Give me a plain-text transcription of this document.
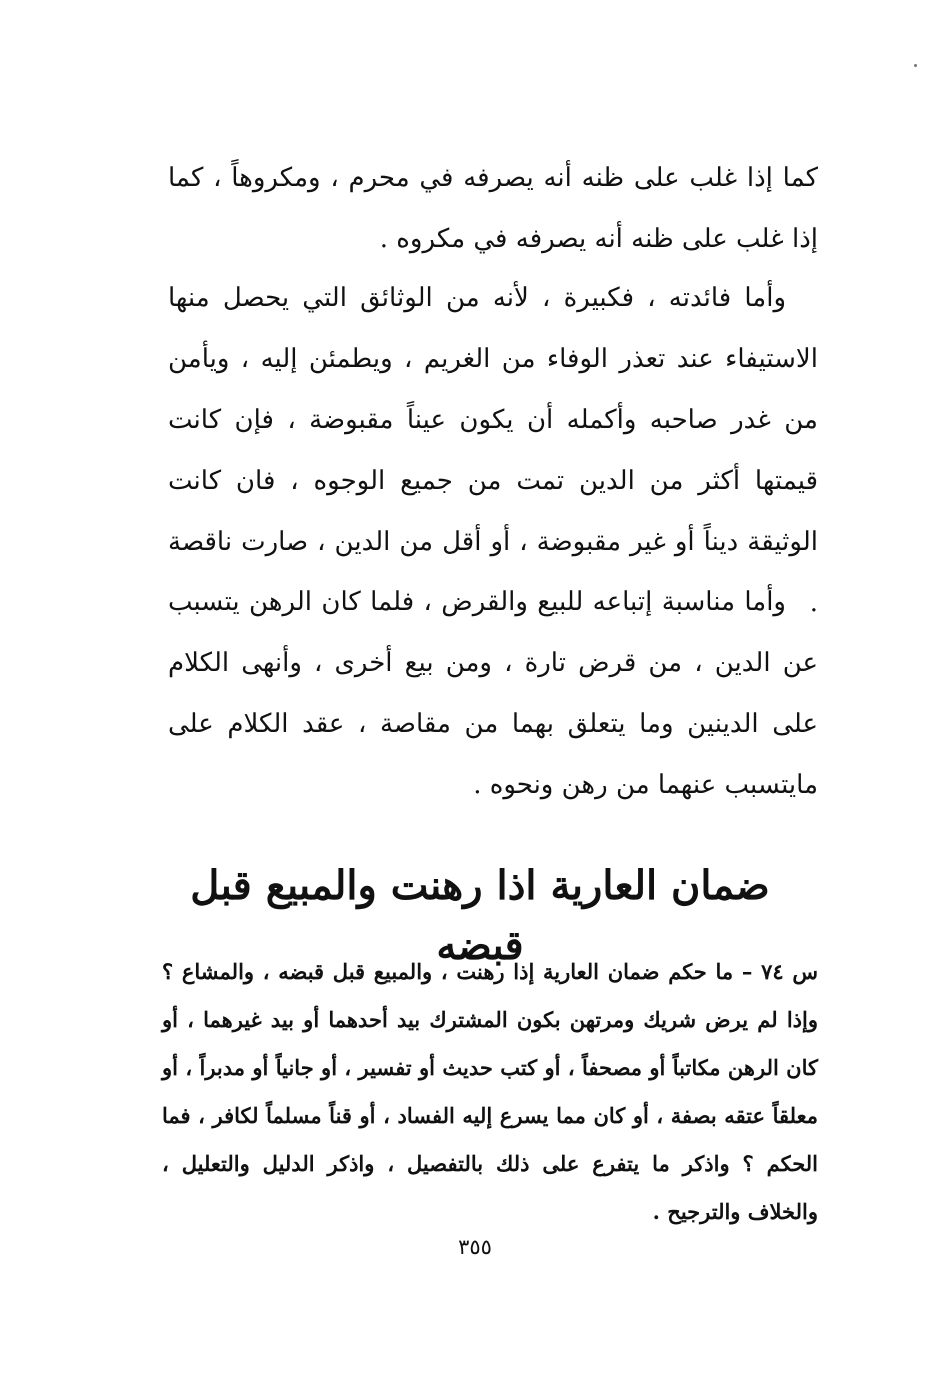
كما إذا غلب على ظنه أنه يصرفه في محرم ، ومكروهاً ، كما إذا غلب على ظنه أنه يصرفه في مكروه .

وأما فائدته ، فكبيرة ، لأنه من الوثائق التي يحصل منها الاستيفاء عند تعذر الوفاء من الغريم ، ويطمئن إليه ، ويأمن من غدر صاحبه وأكمله أن يكون عيناً مقبوضة ، فإن كانت قيمتها أكثر من الدين تمت من جميع الوجوه ، فان كانت الوثيقة ديناً أو غير مقبوضة ، أو أقل من الدين ، صارت ناقصة .

وأما مناسبة إتباعه للبيع والقرض ، فلما كان الرهن يتسبب عن الدين ، من قرض تارة ، ومن بيع أخرى ، وأنهى الكلام على الدينين وما يتعلق بهما من مقاصة ، عقد الكلام على مايتسبب عنهما من رهن ونحوه .

ضمان العارية اذا رهنت والمبيع قبل قبضه

س ٧٤ – ما حكم ضمان العارية إذا رهنت ، والمبيع قبل قبضه ، والمشاع ؟ وإذا لم يرض شريك ومرتهن بكون المشترك بيد أحدهما أو بيد غيرهما ، أو كان الرهن مكاتباً أو مصحفاً ، أو كتب حديث أو تفسير ، أو جانياً أو مدبراً ، أو معلقاً عتقه بصفة ، أو كان مما يسرع إليه الفساد ، أو قناً مسلماً لكافر ، فما الحكم ؟ واذكر ما يتفرع على ذلك بالتفصيل ، واذكر الدليل والتعليل ، والخلاف والترجيح .

٣٥٥
